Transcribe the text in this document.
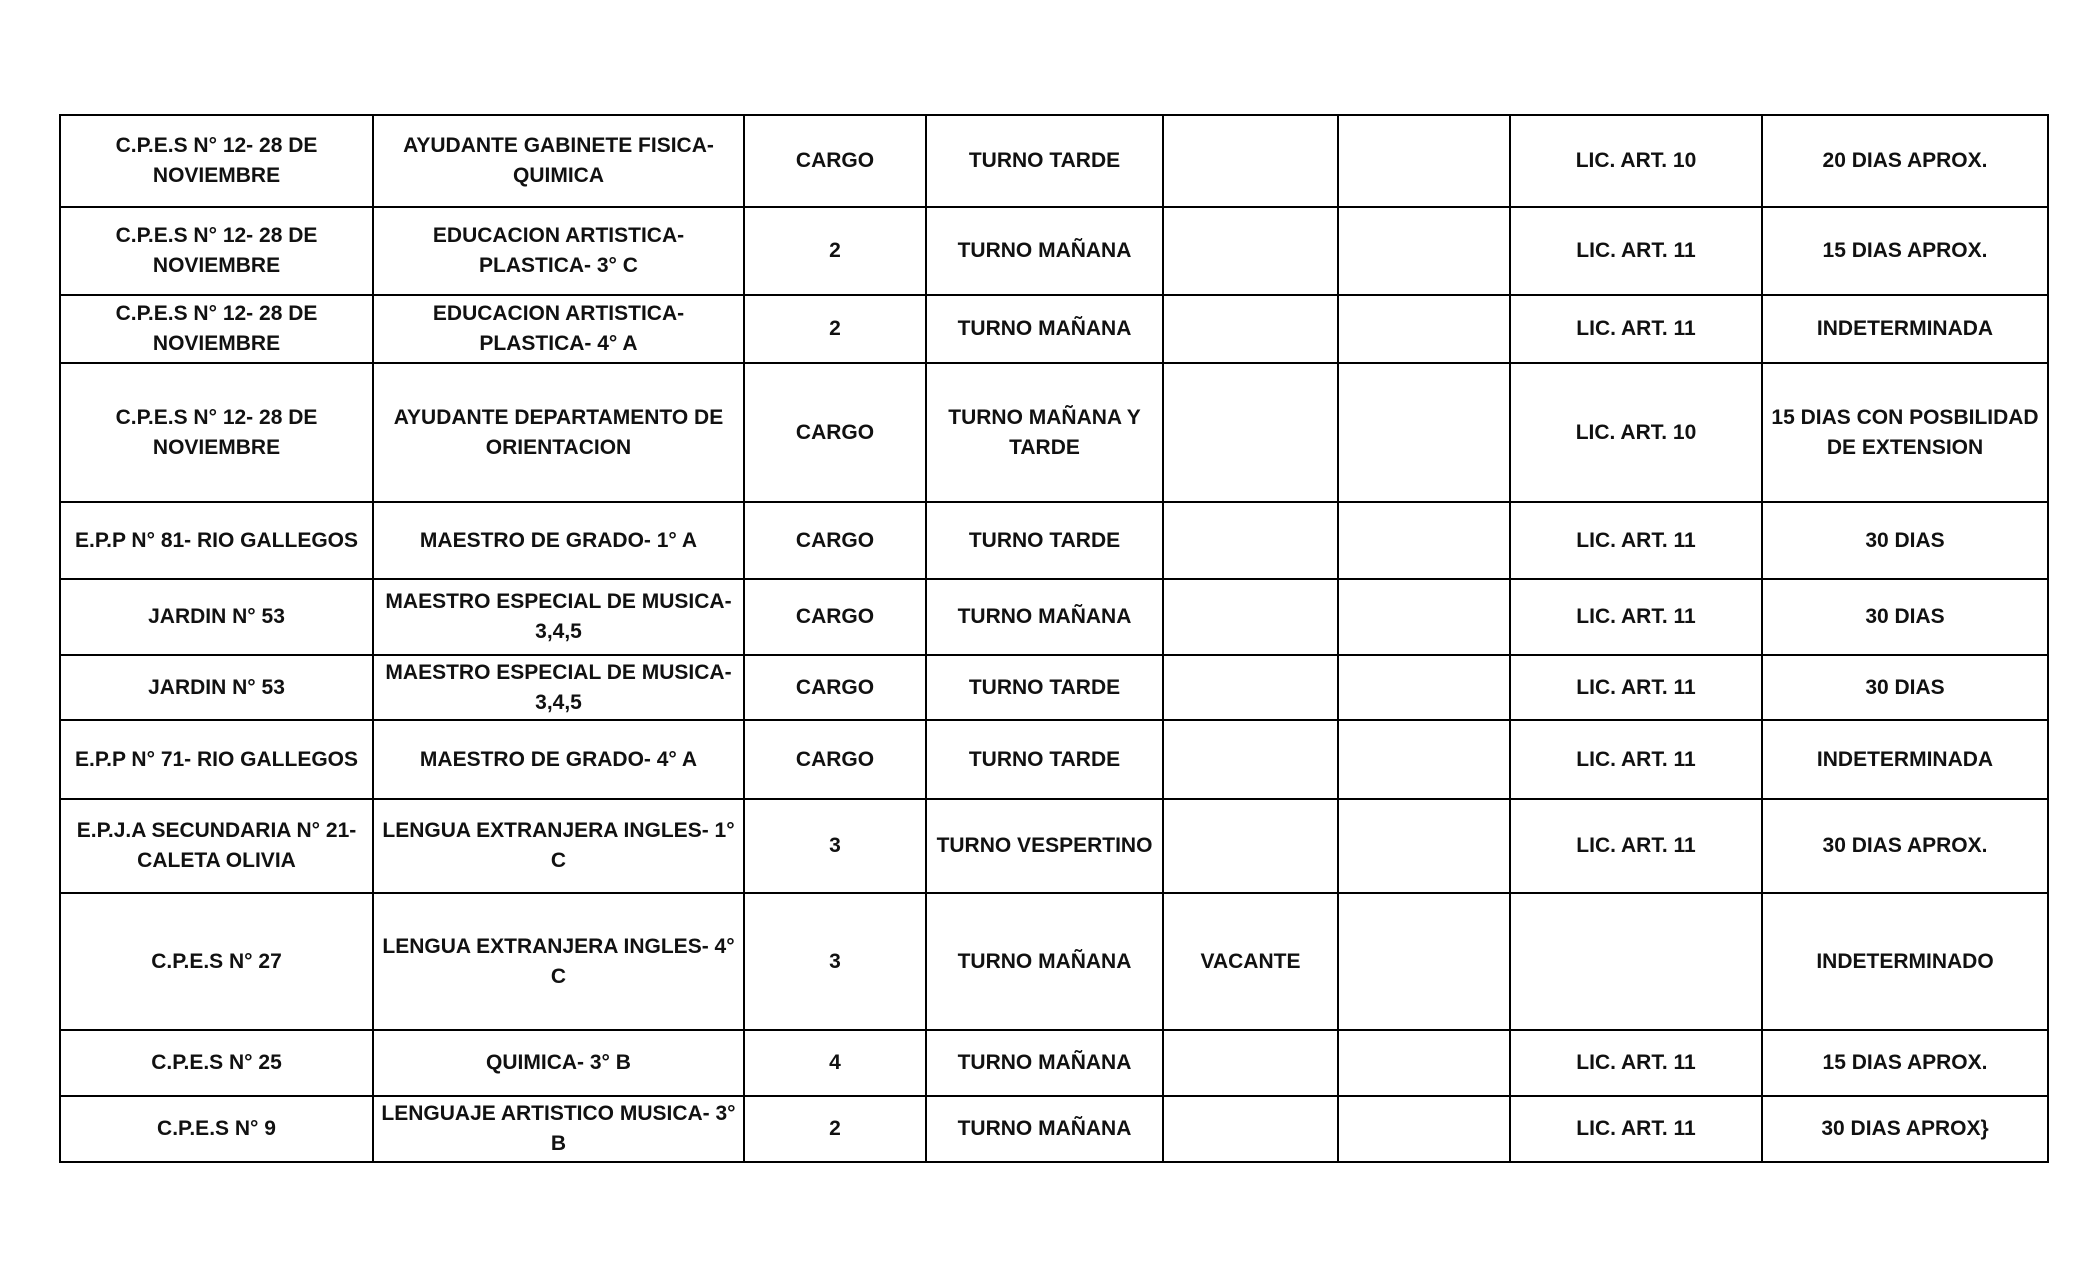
C.P.E.S N° 12- 28 DE NOVIEMBRE	AYUDANTE GABINETE FISICA-QUIMICA	CARGO	TURNO TARDE			LIC. ART. 10	20 DIAS APROX.
C.P.E.S N° 12- 28 DE NOVIEMBRE	EDUCACION ARTISTICA- PLASTICA- 3° C	2	TURNO MAÑANA			LIC. ART. 11	15 DIAS APROX.
C.P.E.S N° 12- 28 DE NOVIEMBRE	EDUCACION ARTISTICA- PLASTICA- 4° A	2	TURNO MAÑANA			LIC. ART. 11	INDETERMINADA
C.P.E.S N° 12- 28 DE NOVIEMBRE	AYUDANTE DEPARTAMENTO DE ORIENTACION	CARGO	TURNO MAÑANA Y TARDE			LIC. ART. 10	15 DIAS CON POSBILIDAD DE EXTENSION
E.P.P N° 81- RIO GALLEGOS	MAESTRO DE GRADO- 1° A	CARGO	TURNO TARDE			LIC. ART. 11	30 DIAS
JARDIN N° 53	MAESTRO ESPECIAL DE MUSICA- 3,4,5	CARGO	TURNO MAÑANA			LIC. ART. 11	30 DIAS
JARDIN N° 53	MAESTRO ESPECIAL DE MUSICA- 3,4,5	CARGO	TURNO TARDE			LIC. ART. 11	30 DIAS
E.P.P N° 71- RIO GALLEGOS	MAESTRO DE GRADO- 4° A	CARGO	TURNO TARDE			LIC. ART. 11	INDETERMINADA
E.P.J.A SECUNDARIA N° 21- CALETA OLIVIA	LENGUA EXTRANJERA INGLES- 1° C	3	TURNO VESPERTINO			LIC. ART. 11	30 DIAS APROX.
C.P.E.S N° 27	LENGUA EXTRANJERA INGLES- 4° C	3	TURNO MAÑANA	VACANTE			INDETERMINADO
C.P.E.S N° 25	QUIMICA- 3° B	4	TURNO MAÑANA			LIC. ART. 11	15 DIAS APROX.
C.P.E.S N° 9	LENGUAJE ARTISTICO MUSICA- 3° B	2	TURNO MAÑANA			LIC. ART. 11	30 DIAS APROX}
